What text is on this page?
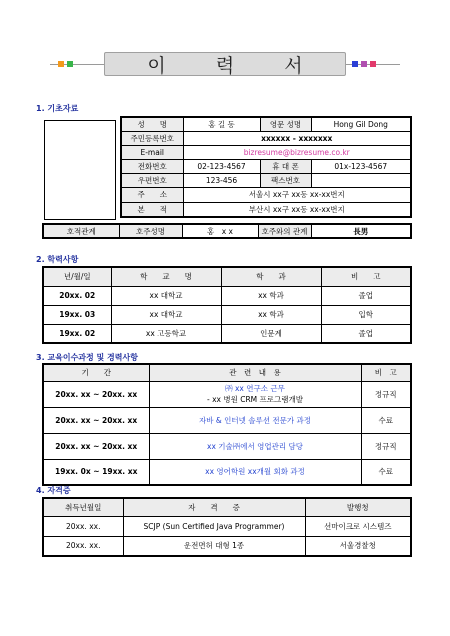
이 력 서
1. 기초자료
성　　명	홍 길 동	영문 성명	Hong Gil Dong
주민등록번호	xxxxxx - xxxxxxx		
E-mail	bizresume@bizresume.co.kr		
전화번호	02-123-4567	휴 대 폰	01x-123-4567
우편번호	123-456	팩스번호	
주　　소	서울시 xx구 xx동 xx-xx번지		
본　　적	부산시 xx구 xx동 xx-xx번지		
호적관계	호주성명	홍　x x	호주와의 관계	長男
2. 학력사항
년/월/일	학　　교　　명	학　　과	비　　고
20xx. 02	xx 대학교	xx 학과	졸업
19xx. 03	xx 대학교	xx 학과	입학
19xx. 02	xx 고등학교	인문계	졸업
3. 교육이수과정 및 경력사항
기　　간	관　련　내　용	비　고
20xx. xx ~ 20xx. xx	㈜ xx 연구소 근무
- xx 병원 CRM 프로그램개발	정규직
20xx. xx ~ 20xx. xx	자바 & 인터넷 솔루션 전문가 과정	수료
20xx. xx ~ 20xx. xx	xx 기술㈜에서 영업관리 담당	정규직
19xx. 0x ~ 19xx. xx	xx 영어학원 xx개월 회화 과정	수료
4. 자격증
취득년월일	자　　격　　증	발행청
20xx. xx.	SCJP (Sun Certified Java Programmer)	선마이크로 시스템즈
20xx. xx.	운전면허 대형 1종	서울경찰청
